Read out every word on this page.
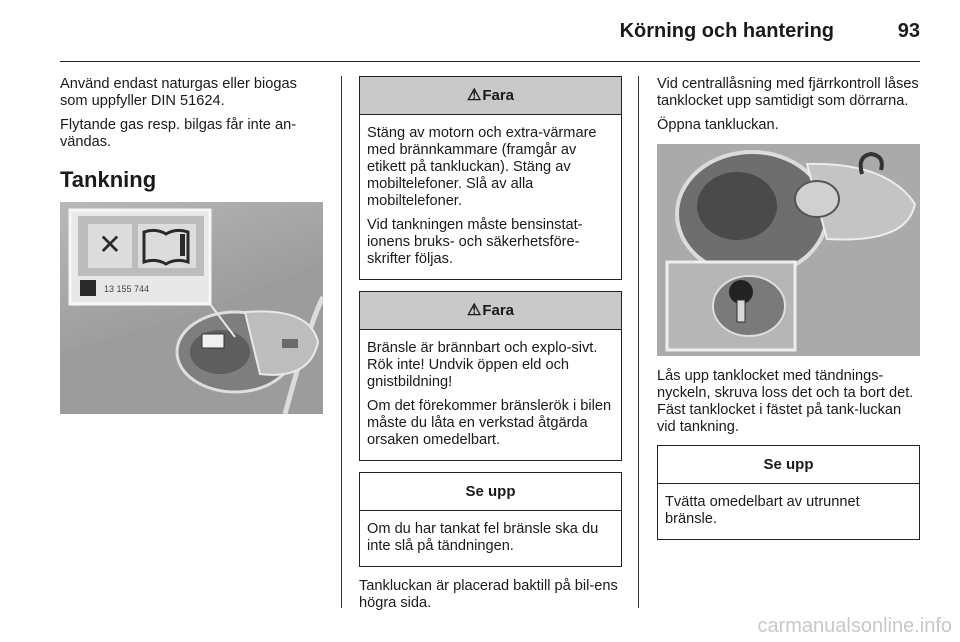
Körning och hantering	93

Använd endast naturgas eller biogas som uppfyller DIN 51624.

Flytande gas resp. bilgas får inte an-vändas.

Tankning
✕
13 155 744
⚠ Fara

Stäng av motorn och extra-värmare med brännkammare (framgår av etikett på tankluckan). Stäng av mobiltelefoner. Slå av alla mobiltelefoner.

Vid tankningen måste bensinstat-ionens bruks- och säkerhetsföre-skrifter följas.

⚠ Fara

Bränsle är brännbart och explo-sivt. Rök inte! Undvik öppen eld och gnistbildning!

Om det förekommer bränslerök i bilen måste du låta en verkstad åtgärda orsaken omedelbart.

Se upp

Om du har tankat fel bränsle ska du inte slå på tändningen.

Tankluckan är placerad baktill på bil-ens högra sida.

Vid centrallåsning med fjärrkontroll låses tanklocket upp samtidigt som dörrarna.

Öppna tankluckan.

Lås upp tanklocket med tändnings-nyckeln, skruva loss det och ta bort det. Fäst tanklocket i fästet på tank-luckan vid tankning.

Se upp

Tvätta omedelbart av utrunnet bränsle.

carmanualsonline.info
